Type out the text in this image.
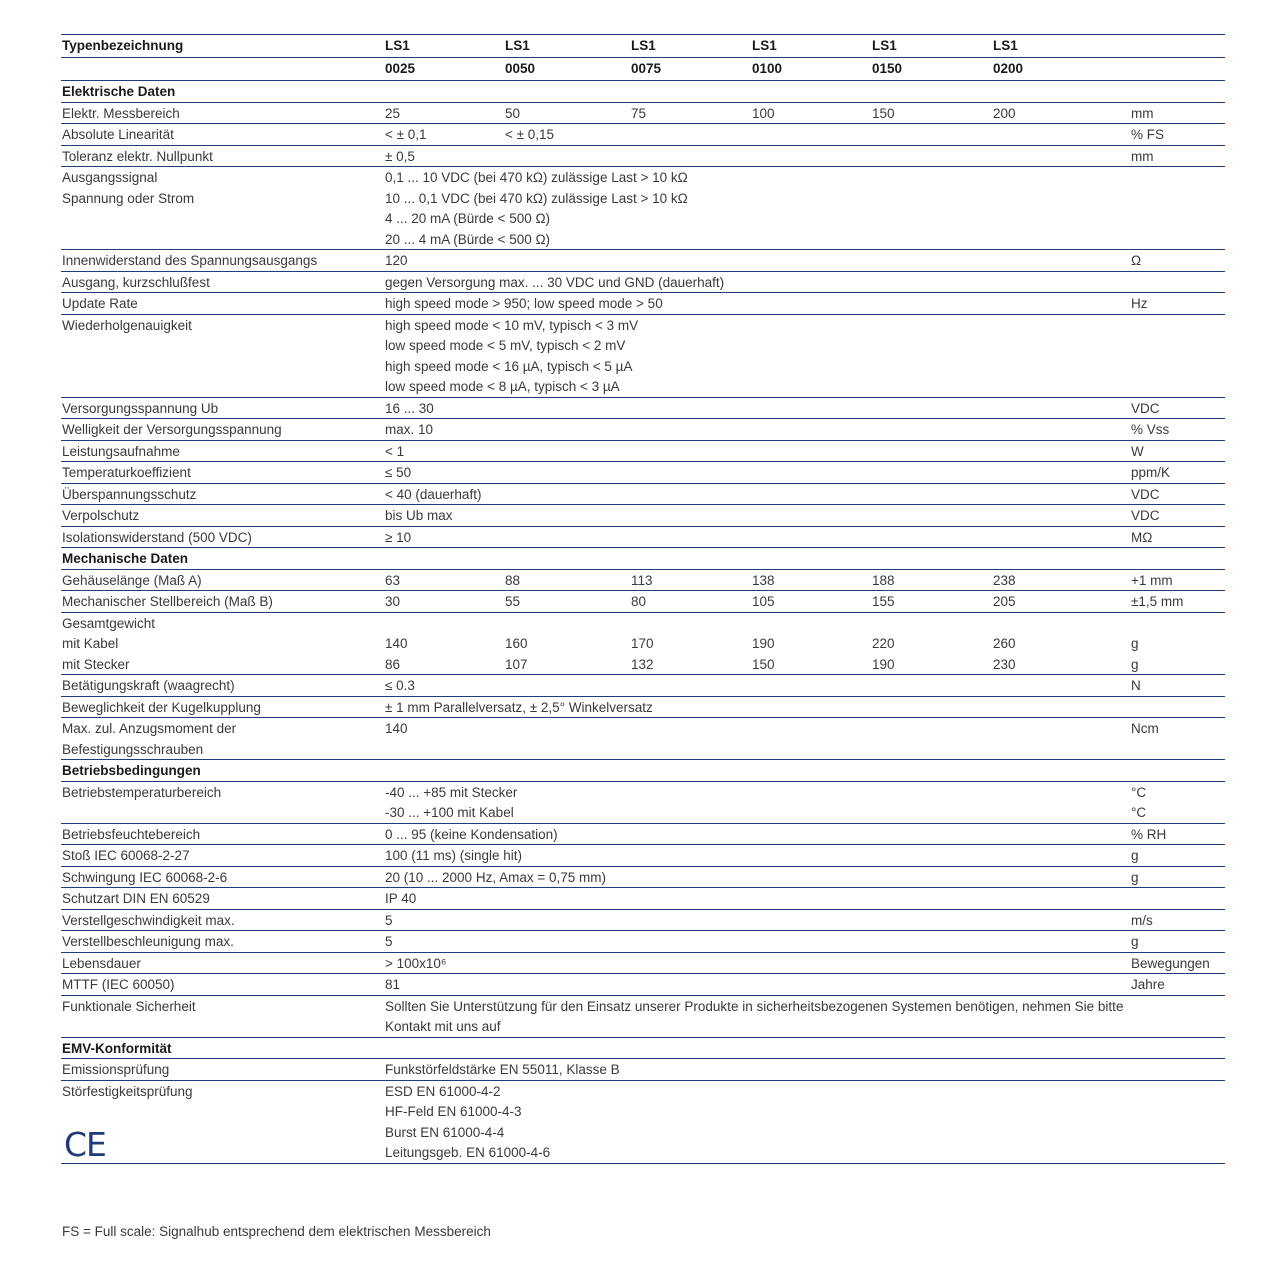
Typenbezeichnung	LS1	LS1	LS1	LS1	LS1	LS1
0025	0050	0075	0100	0150	0200
Elektrische Daten
Elektr. Messbereich	25	50	75	100	150	200	mm
Absolute Linearität	< ± 0,1	< ± 0,15	% FS
Toleranz elektr. Nullpunkt	± 0,5	mm
Ausgangssignal	0,1 ... 10 VDC (bei 470 kΩ) zulässige Last > 10 kΩ
Spannung oder Strom	10 ... 0,1 VDC (bei 470 kΩ) zulässige Last > 10 kΩ
4 ... 20 mA (Bürde < 500 Ω)
20 ... 4 mA (Bürde < 500 Ω)
Innenwiderstand des Spannungsausgangs	120	Ω
Ausgang, kurzschlußfest	gegen Versorgung max. ... 30 VDC und GND (dauerhaft)
Update Rate	high speed mode > 950; low speed mode > 50	Hz
Wiederholgenauigkeit	high speed mode < 10 mV, typisch < 3 mV
low speed mode < 5 mV, typisch < 2 mV
high speed mode < 16 µA, typisch < 5 µA
low speed mode < 8 µA, typisch < 3 µA
Versorgungsspannung Ub	16 ... 30	VDC
Welligkeit der Versorgungsspannung	max. 10	% Vss
Leistungsaufnahme	< 1	W
Temperaturkoeffizient	≤ 50	ppm/K
Überspannungsschutz	< 40 (dauerhaft)	VDC
Verpolschutz	bis Ub max	VDC
Isolationswiderstand (500 VDC)	≥ 10	MΩ
Mechanische Daten
Gehäuselänge (Maß A)	63	88	113	138	188	238	+1 mm
Mechanischer Stellbereich (Maß B)	30	55	80	105	155	205	±1,5 mm
Gesamtgewicht
mit Kabel	140	160	170	190	220	260	g
mit Stecker	86	107	132	150	190	230	g
Betätigungskraft (waagrecht)	≤ 0.3	N
Beweglichkeit der Kugelkupplung	± 1 mm Parallelversatz, ± 2,5° Winkelversatz
Max. zul. Anzugsmoment der	140	Ncm
Befestigungsschrauben
Betriebsbedingungen
Betriebstemperaturbereich	-40 ... +85 mit Stecker	°C
-30 ... +100 mit Kabel	°C
Betriebsfeuchtebereich	0 ... 95 (keine Kondensation)	% RH
Stoß IEC 60068-2-27	100 (11 ms) (single hit)	g
Schwingung IEC 60068-2-6	20 (10 ... 2000 Hz, Amax = 0,75 mm)	g
Schutzart DIN EN 60529	IP 40
Verstellgeschwindigkeit max.	5	m/s
Verstellbeschleunigung max.	5	g
Lebensdauer	> 100x10⁶	Bewegungen
MTTF (IEC 60050)	81	Jahre
Funktionale Sicherheit	Sollten Sie Unterstützung für den Einsatz unserer Produkte in sicherheitsbezogenen Systemen benötigen, nehmen Sie bitte
Kontakt mit uns auf
EMV-Konformität
Emissionsprüfung	Funkstörfeldstärke EN 55011, Klasse B
Störfestigkeitsprüfung	ESD EN 61000-4-2
HF-Feld EN 61000-4-3
Burst EN 61000-4-4
Leitungsgeb. EN 61000-4-6
CE
FS = Full scale: Signalhub entsprechend dem elektrischen Messbereich
